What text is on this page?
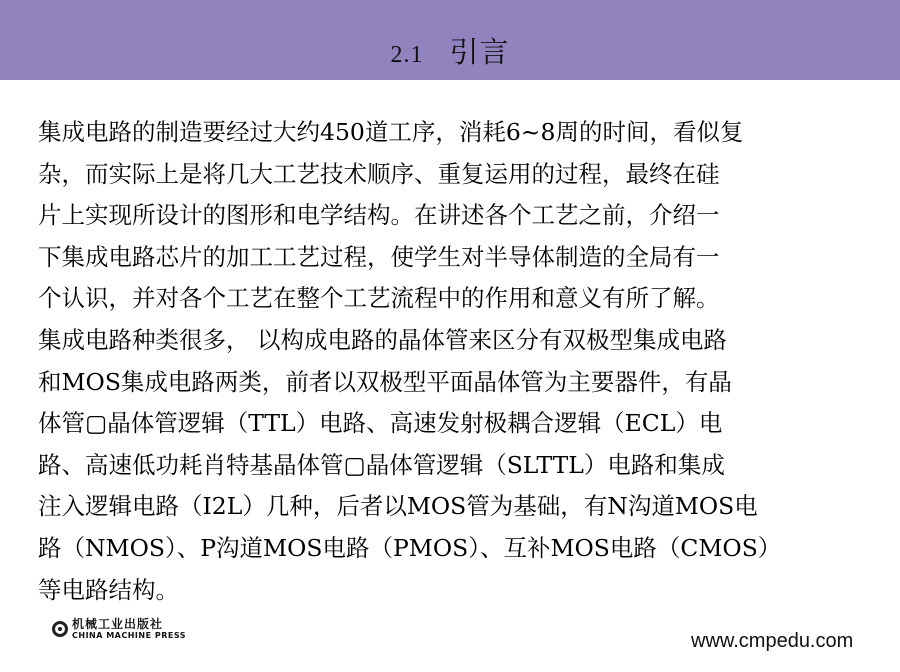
2.1 引言
集成电路的制造要经过大约450道工序，消耗6~8周的时间，看似复
杂，而实际上是将几大工艺技术顺序、重复运用的过程，最终在硅
片上实现所设计的图形和电学结构。在讲述各个工艺之前，介绍一
下集成电路芯片的加工工艺过程，使学生对半导体制造的全局有一
个认识，并对各个工艺在整个工艺流程中的作用和意义有所了解。
集成电路种类很多， 以构成电路的晶体管来区分有双极型集成电路
和MOS集成电路两类，前者以双极型平面晶体管为主要器件，有晶
体管▢晶体管逻辑（TTL）电路、高速发射极耦合逻辑（ECL）电
路、高速低功耗肖特基晶体管▢晶体管逻辑（SLTTL）电路和集成
注入逻辑电路（I2L）几种，后者以MOS管为基础，有N沟道MOS电
路（NMOS）、P沟道MOS电路（PMOS）、互补MOS电路（CMOS）
等电路结构。
机械工业出版社
CHINA MACHINE PRESS	www.cmpedu.com
